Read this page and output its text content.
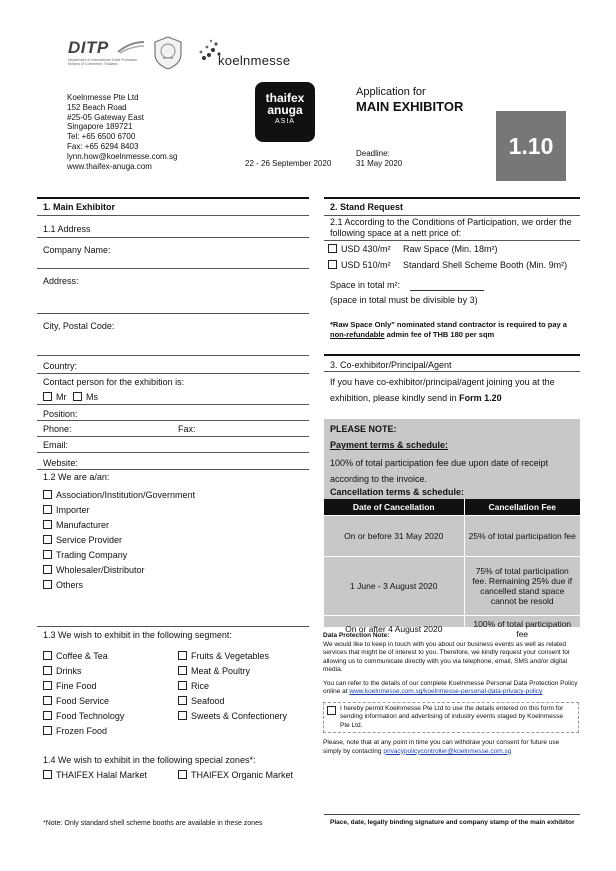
DITP
Department of International Trade Promotion
Ministry of Commerce, Thailand	koelnmesse
Koelnmesse Pte Ltd
152 Beach Road
#25-05 Gateway East
Singapore 189721
Tel: +65 6500 6700
Fax: +65 6294 8403
lynn.how@koelnmesse.com.sg
www.thaifex-anuga.com
thaifex
anuga
ASIA
22 - 26 September 2020
Application for
MAIN EXHIBITOR
Deadline:
31 May 2020
1.10
1. Main Exhibitor
1.1 Address
Company Name:
Address:
City, Postal Code:
Country:
Contact person for the exhibition is:
Mr	Ms
Position:
Phone:	Fax:
Email:
Website:
1.2 We are a/an:
Association/Institution/Government
Importer
Manufacturer
Service Provider
Trading Company
Wholesaler/Distributor
Others
1.3 We wish to exhibit in the following segment:
Coffee & Tea
Drinks
Fine Food
Food Service
Food Technology
Frozen Food
Fruits & Vegetables
Meat & Poultry
Rice
Seafood
Sweets & Confectionery
1.4 We wish to exhibit in the following special zones*:
THAIFEX Halal Market	THAIFEX Organic Market
*Note: Only standard shell scheme booths are available in these zones
2. Stand Request
2.1 According to the Conditions of Participation, we order the following space at a nett price of:
USD 430/m² Raw Space (Min. 18m²)
USD 510/m² Standard Shell Scheme Booth (Min. 9m²)
Space in total m²:
(space in total must be divisible by 3)
*Raw Space Only" nominated stand contractor is required to pay a non-refundable admin fee of THB 180 per sqm
3. Co-exhibitor/Principal/Agent
If you have co-exhibitor/principal/agent joining you at the exhibition, please kindly send in Form 1.20
PLEASE NOTE:
Payment terms & schedule:
100% of total participation fee due upon date of receipt according to the invoice.
Cancellation terms & schedule:
Date of Cancellation	Cancellation Fee
On or before 31 May 2020	25% of total participation fee
1 June - 3 August 2020	75% of total participation fee. Remaining 25% due if cancelled stand space cannot be resold
On or after 4 August 2020	100% of total participation fee
Data Protection Note:
We would like to keep in touch with you about our business events as well as related services that might be of interest to you. Therefore, we kindly request your consent for allowing us to communicate directly with you via telephone, email, SMS and/or digital media.
You can refer to the details of our complete Koelnmesse Personal Data Protection Policy online at www.koelnmesse.com.sg/koelnmesse-personal-data-privacy-policy
I hereby permit Koelnmesse Pte Ltd to use the details entered on this form for sending information and advertising of industry events staged by Koelnmesse Pte Ltd.
Please, note that at any point in time you can withdraw your consent for future use simply by contacting privacypolicycontroller@koelnmesse.com.sg
Place, date, legally binding signature and company stamp of the main exhibitor
